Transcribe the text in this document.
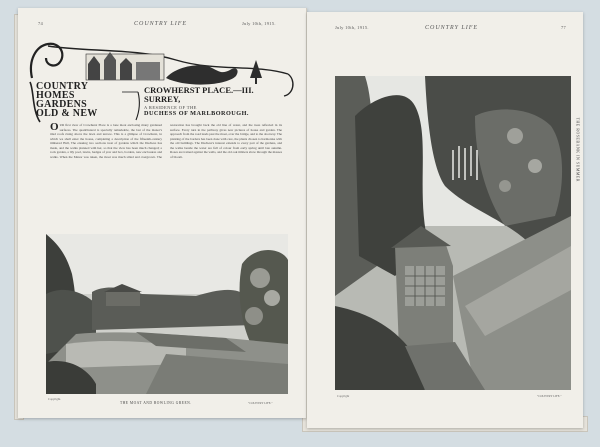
74	COUNTRY LIFE	July 10th, 1915.
COUNTRY
HOMES
GARDENS
OLD & NEW
CROWHERST PLACE.—III.
SURREY,
A RESIDENCE OF THE
DUCHESS OF MARLBOROUGH.
OUR first view of Crowhurst Place is a lone moat enclosing many gardened surfaces. The quadrilateral is specially remarkable, the last of the manor's tiled roofs rising above the lawn and terrace. This is a glimpse of Crowhurst, in which we shall enter the house, completing a description of the fifteenth-century timbered Hall, The ensuing two sections treat of gardens which the Duchess has made, and the walks planned with her, so that the view has been much changed; a rock garden, a lily pool, lawns, hedges of yew and box, borders, new enclosures and walks. When the Manor was taken, the moat was much silted and overgrown. The restoration has brought back the old line of water, and the trees reflected in its surface. Every turn in the pathway gives new pictures of house and garden. The approach from the road leads past the moat, over the bridge, and to the doorway. The planting of the borders has been done with care, the plants chosen to harmonise with the old buildings. The Duchess's interest extends to every part of the gardens, and the walks beside the water are full of colour from early spring until late autumn. Roses are trained against the walls, and the old oak timbers show through the masses of bloom.
Copyright.
THE MOAT AND BOWLING GREEN.	"COUNTRY LIFE."
July 10th, 1915.	COUNTRY LIFE	77
Copyright	"COUNTRY LIFE."
THE ROSEBANK IN SUMMER
